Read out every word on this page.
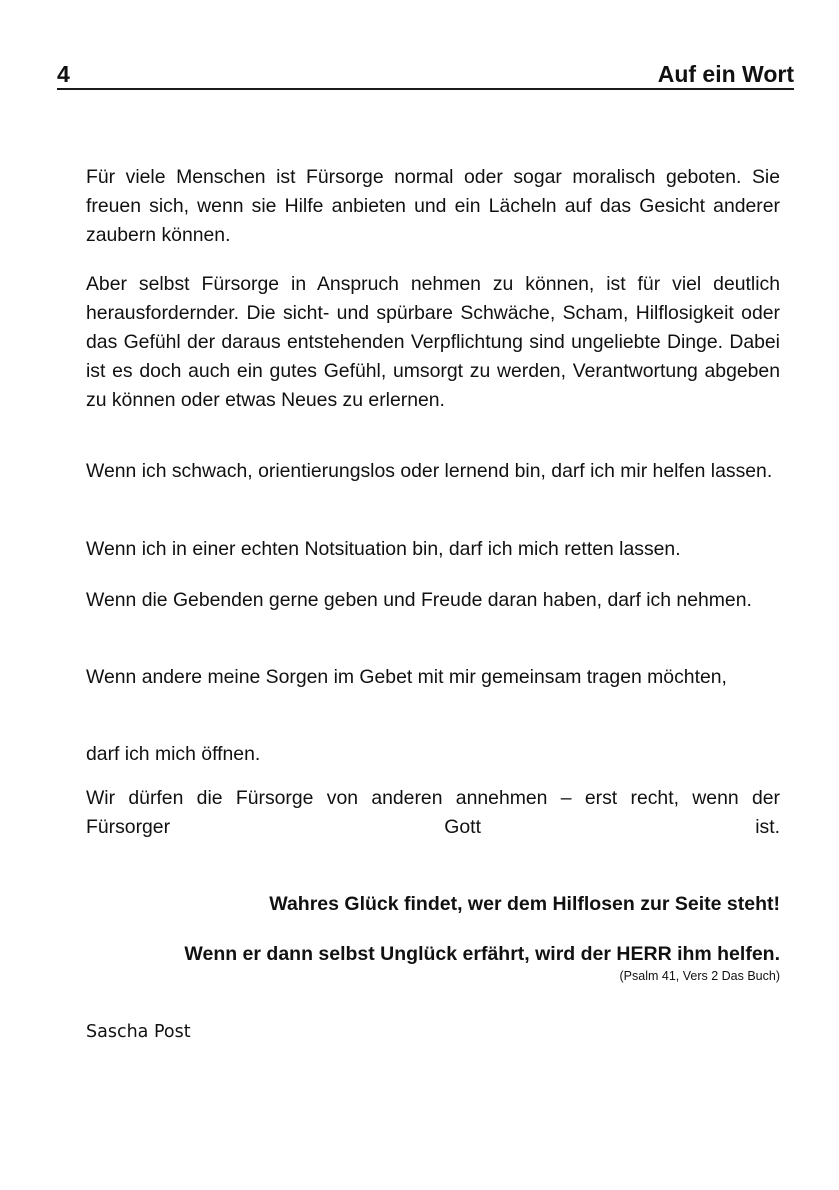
4	Auf ein Wort

Für viele Menschen ist Fürsorge normal oder sogar moralisch geboten. Sie freuen sich, wenn sie Hilfe anbieten und ein Lächeln auf das Gesicht anderer zaubern können.

Aber selbst Fürsorge in Anspruch nehmen zu können, ist für viel deutlich herausfordernder. Die sicht- und spürbare Schwäche, Scham, Hilflosigkeit oder das Gefühl der daraus entstehenden Verpflichtung sind ungeliebte Dinge. Dabei ist es doch auch ein gutes Gefühl, umsorgt zu werden, Verantwortung abgeben zu können oder etwas Neues zu erlernen.

Wenn ich schwach, orientierungslos oder lernend bin, darf ich mir helfen lassen.

Wenn ich in einer echten Notsituation bin, darf ich mich retten lassen.

Wenn die Gebenden gerne geben und Freude daran haben, darf ich nehmen.

Wenn andere meine Sorgen im Gebet mit mir gemeinsam tragen möchten,

darf ich mich öffnen.

Wir dürfen die Fürsorge von anderen annehmen – erst recht, wenn der Fürsorger Gott ist.

Wahres Glück findet, wer dem Hilflosen zur Seite steht!
Wenn er dann selbst Unglück erfährt, wird der HERR ihm helfen.
(Psalm 41, Vers 2 Das Buch)
Sascha Post
